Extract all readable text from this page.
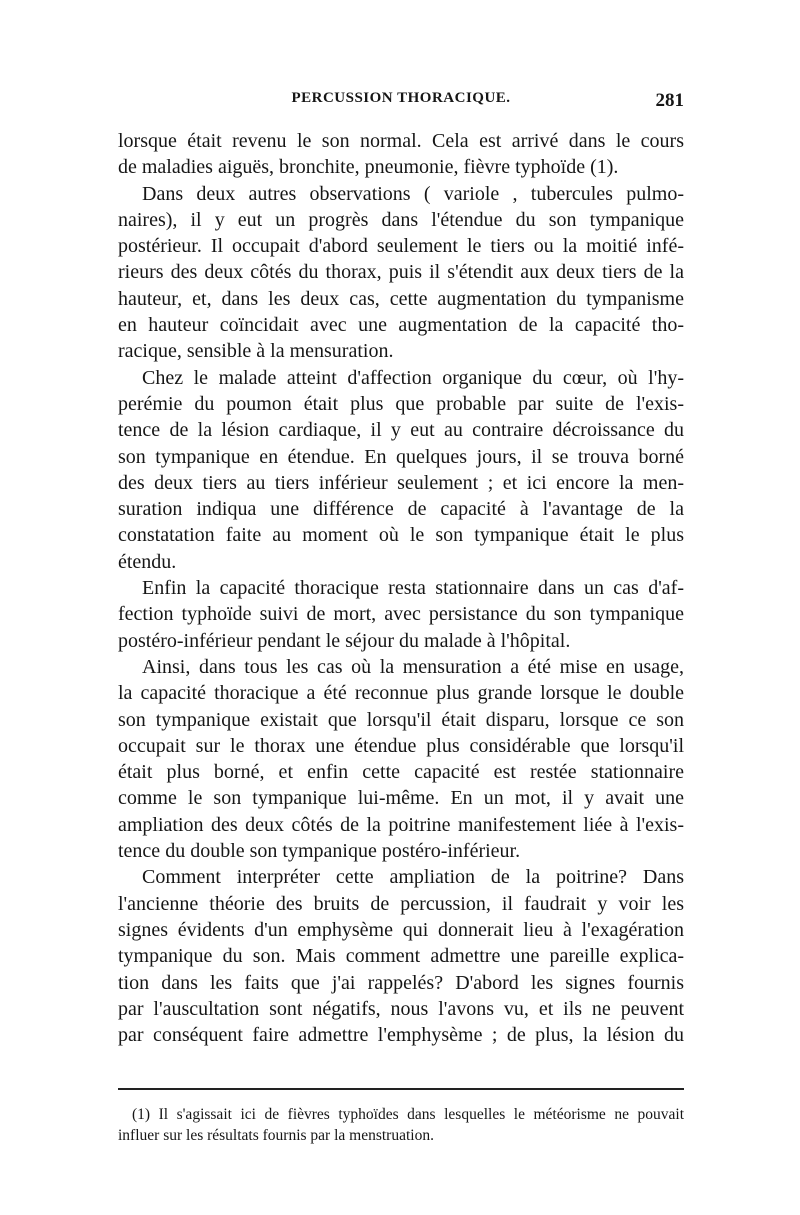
PERCUSSION THORACIQUE.	281
lorsque était revenu le son normal. Cela est arrivé dans le cours
de maladies aiguës, bronchite, pneumonie, fièvre typhoïde (1).
Dans deux autres observations ( variole , tubercules pulmo-
naires), il y eut un progrès dans l'étendue du son tympanique
postérieur. Il occupait d'abord seulement le tiers ou la moitié infé-
rieurs des deux côtés du thorax, puis il s'étendit aux deux tiers de la
hauteur, et, dans les deux cas, cette augmentation du tympanisme
en hauteur coïncidait avec une augmentation de la capacité tho-
racique, sensible à la mensuration.
Chez le malade atteint d'affection organique du cœur, où l'hy-
perémie du poumon était plus que probable par suite de l'exis-
tence de la lésion cardiaque, il y eut au contraire décroissance du
son tympanique en étendue. En quelques jours, il se trouva borné
des deux tiers au tiers inférieur seulement ; et ici encore la men-
suration indiqua une différence de capacité à l'avantage de la
constatation faite au moment où le son tympanique était le plus
étendu.
Enfin la capacité thoracique resta stationnaire dans un cas d'af-
fection typhoïde suivi de mort, avec persistance du son tympanique
postéro-inférieur pendant le séjour du malade à l'hôpital.
Ainsi, dans tous les cas où la mensuration a été mise en usage,
la capacité thoracique a été reconnue plus grande lorsque le double
son tympanique existait que lorsqu'il était disparu, lorsque ce son
occupait sur le thorax une étendue plus considérable que lorsqu'il
était plus borné, et enfin cette capacité est restée stationnaire
comme le son tympanique lui-même. En un mot, il y avait une
ampliation des deux côtés de la poitrine manifestement liée à l'exis-
tence du double son tympanique postéro-inférieur.
Comment interpréter cette ampliation de la poitrine? Dans
l'ancienne théorie des bruits de percussion, il faudrait y voir les
signes évidents d'un emphysème qui donnerait lieu à l'exagération
tympanique du son. Mais comment admettre une pareille explica-
tion dans les faits que j'ai rappelés? D'abord les signes fournis
par l'auscultation sont négatifs, nous l'avons vu, et ils ne peuvent
par conséquent faire admettre l'emphysème ; de plus, la lésion du
(1) Il s'agissait ici de fièvres typhoïdes dans lesquelles le météorisme ne pouvait
influer sur les résultats fournis par la menstruation.
